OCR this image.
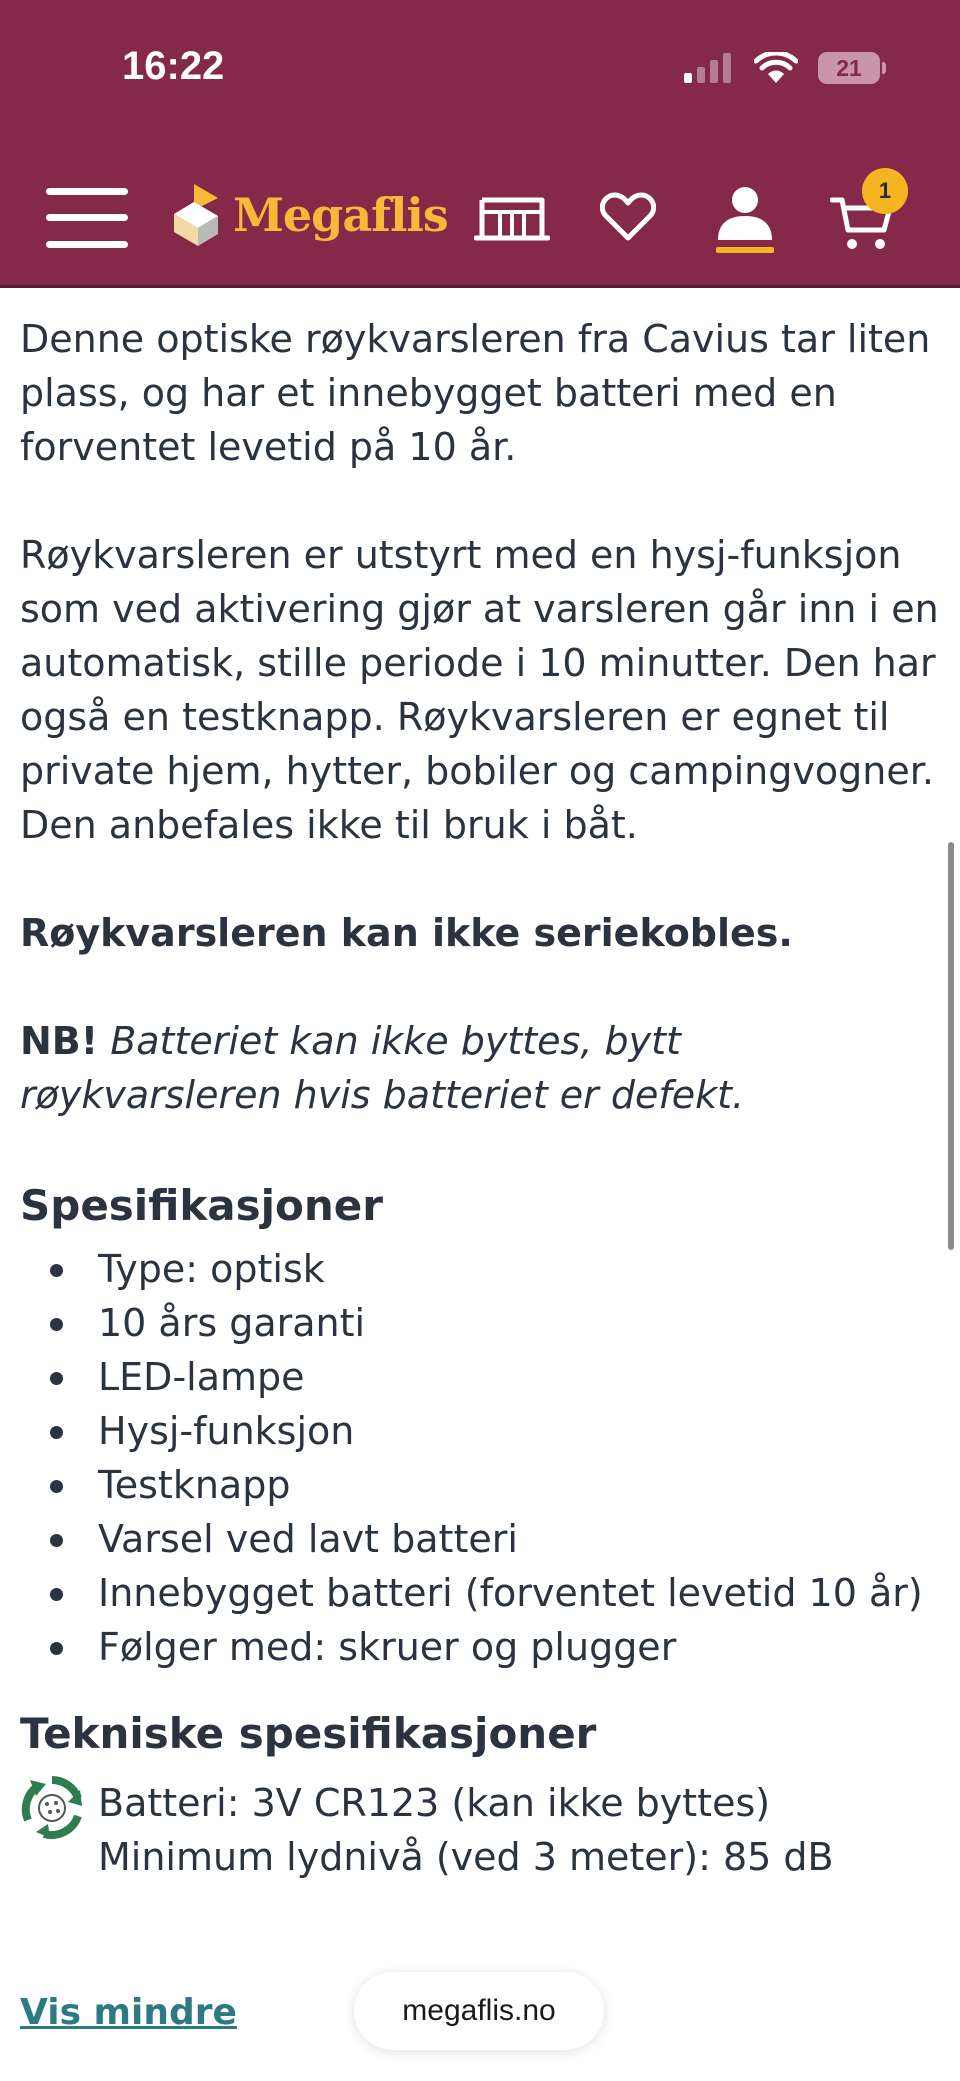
16:22	21
Megaflis	1

Denne optiske røykvarsleren fra Cavius tar liten plass, og har et innebygget batteri med en forventet levetid på 10 år.

Røykvarsleren er utstyrt med en hysj-funksjon som ved aktivering gjør at varsleren går inn i en automatisk, stille periode i 10 minutter. Den har også en testknapp. Røykvarsleren er egnet til private hjem, hytter, bobiler og campingvogner. Den anbefales ikke til bruk i båt.

Røykvarsleren kan ikke seriekobles.

NB! Batteriet kan ikke byttes, bytt røykvarsleren hvis batteriet er defekt.

Spesifikasjoner
Type: optisk
10 års garanti
LED-lampe
Hysj-funksjon
Testknapp
Varsel ved lavt batteri
Innebygget batteri (forventet levetid 10 år)
Følger med: skruer og plugger
Tekniske spesifikasjoner
Batteri: 3V CR123 (kan ikke byttes)
Minimum lydnivå (ved 3 meter): 85 dB
Vis mindre	megaflis.no
